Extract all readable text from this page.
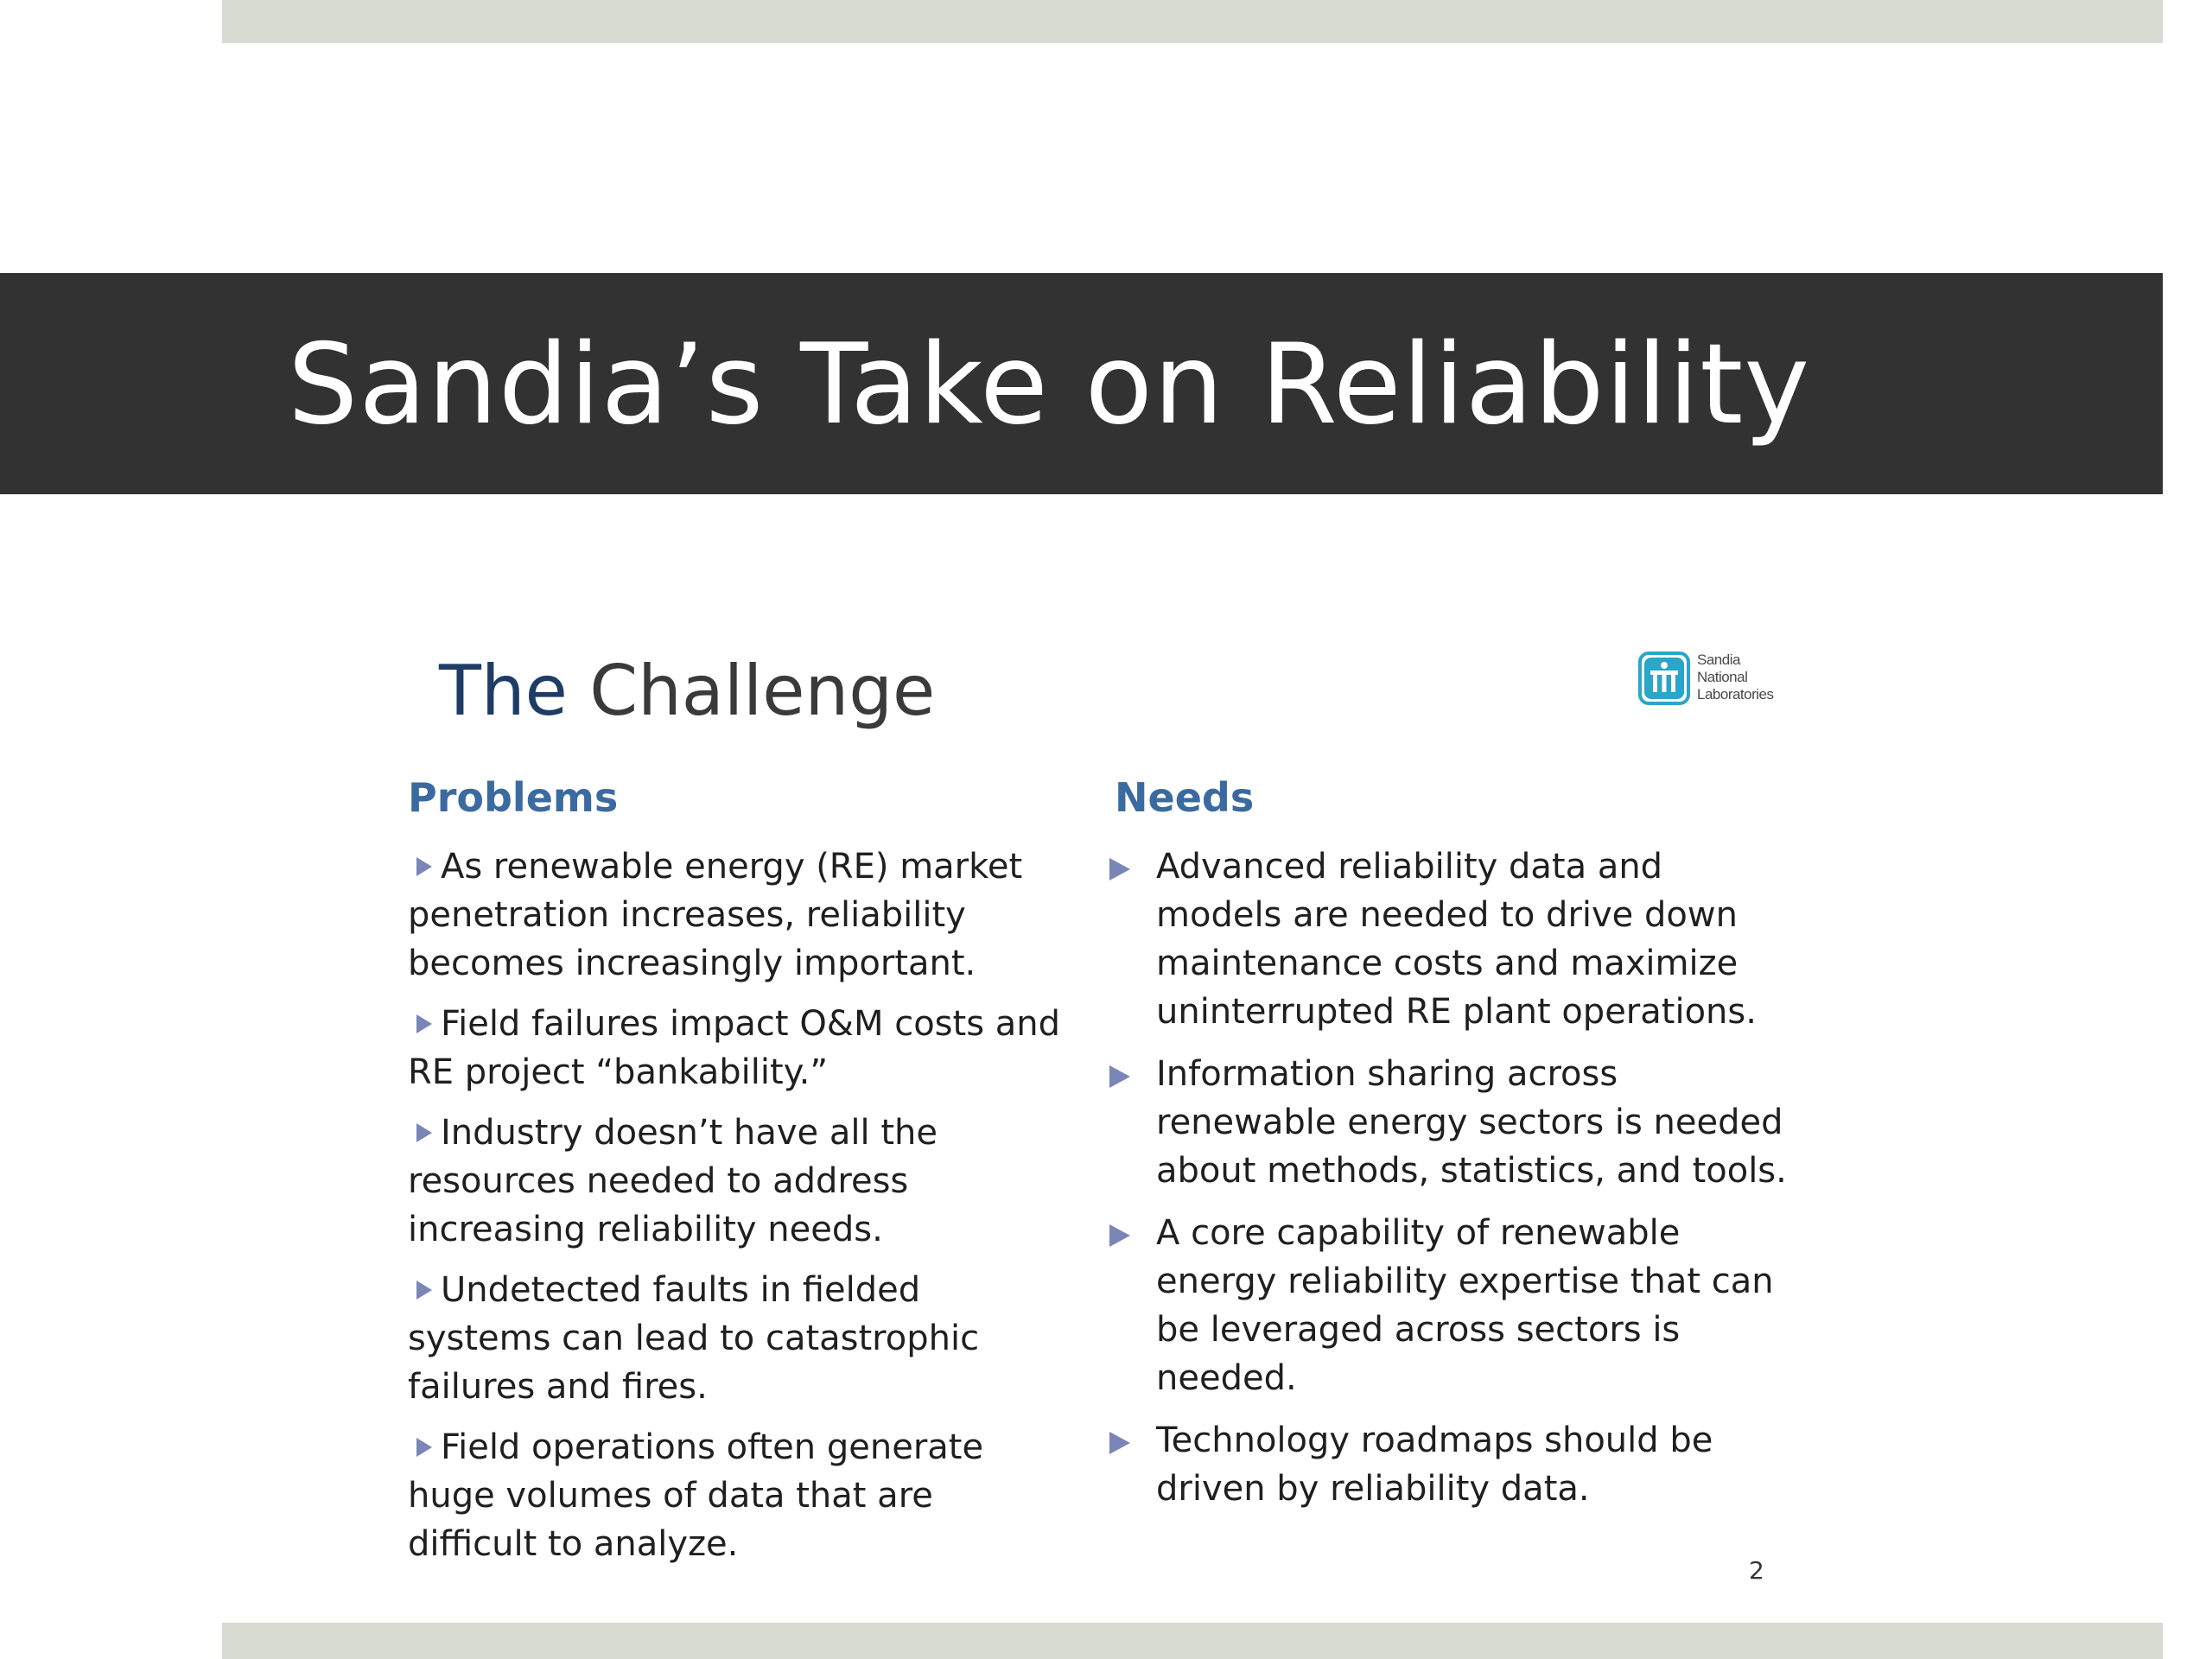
Sandia’s Take on Reliability
The Challenge	Sandia
National
Laboratories
Problems
As renewable energy (RE) market penetration increases, reliability becomes increasingly important.
Field failures impact O&M costs and RE project “bankability.”
Industry doesn’t have all the resources needed to address increasing reliability needs.
Undetected faults in fielded systems can lead to catastrophic failures and fires.
Field operations often generate huge volumes of data that are difficult to analyze.
Needs
Advanced reliability data and models are needed to drive down maintenance costs and maximize uninterrupted RE plant operations.
Information sharing across renewable energy sectors is needed about methods, statistics, and tools.
A core capability of renewable energy reliability expertise that can be leveraged across sectors is needed.
Technology roadmaps should be driven by reliability data.
2
